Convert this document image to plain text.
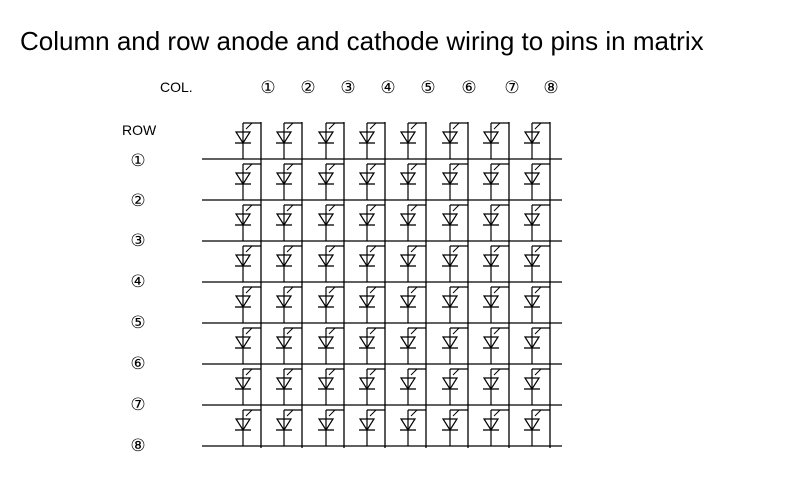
Column and row anode and cathode wiring to pins in matrix
COL.
ROW
① ② ③ ④ ⑤ ⑥ ⑦ ⑧
①
②
③
④
⑤
⑥
⑦
⑧
